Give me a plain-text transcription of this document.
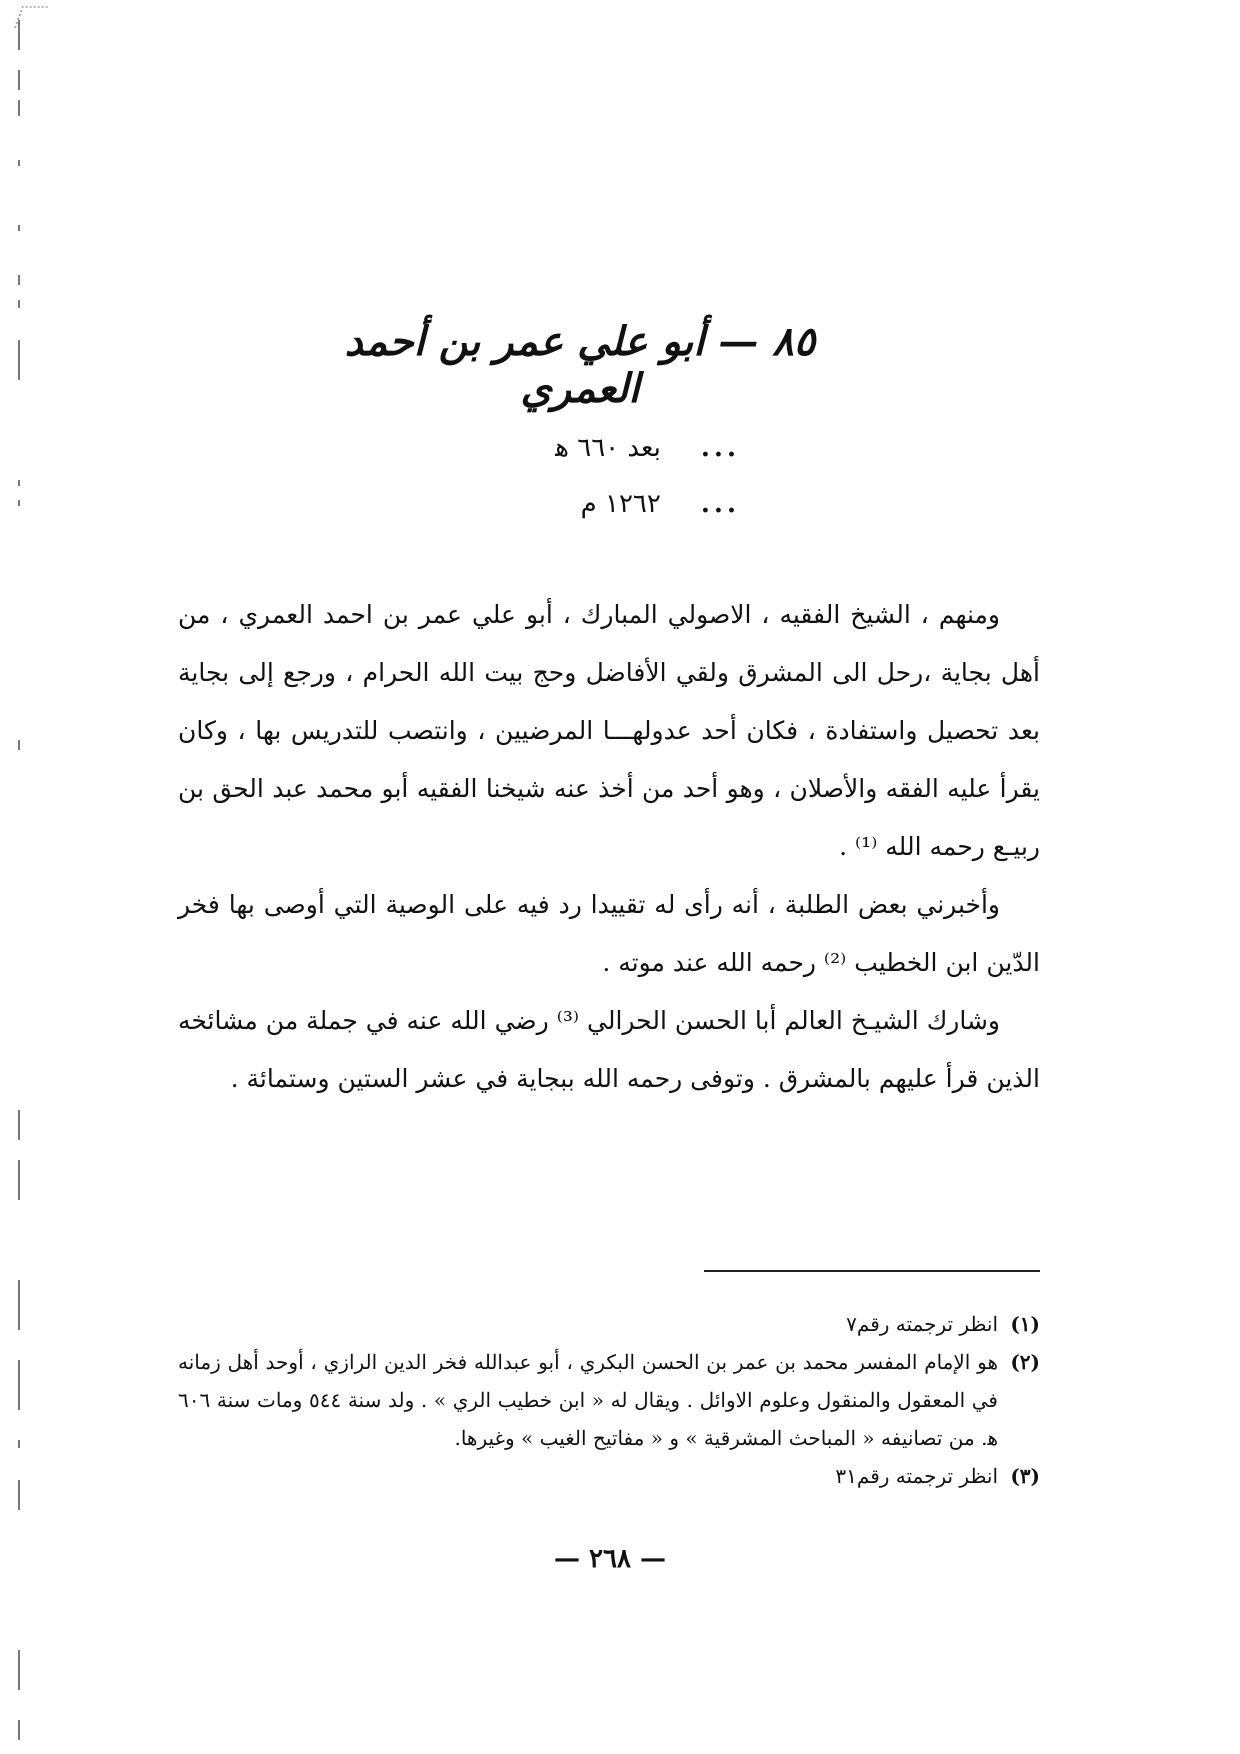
٨٥ — أبو علي عمر بن أحمد العمري
...
بعد ٦٦٠ ﻫ
...
١٢٦٢ م

ومنهم ، الشيخ الفقيه ، الاصولي المبارك ، أبو علي عمر بن احمد العمري ، من أهل بجاية ،رحل الى المشرق ولقي الأفاضل وحج بيت الله الحرام ، ورجع إلى بجاية بعد تحصيل واستفادة ، فكان أحد عدولهـــا المرضيين ، وانتصب للتدريس بها ، وكان يقرأ عليه الفقه والأصلان ، وهو أحد من أخذ عنه شيخنا الفقيه أبو محمد عبد الحق بن ربيـع رحمه الله ⁽¹⁾ .

وأخبرني بعض الطلبة ، أنه رأى له تقييدا رد فيه على الوصية التي أوصى بها فخر الدّين ابن الخطيب ⁽²⁾ رحمه الله عند موته .

وشارك الشيـخ العالم أبا الحسن الحرالي ⁽³⁾ رضي الله عنه في جملة من مشائخه الذين قرأ عليهم بالمشرق . وتوفى رحمه الله ببجاية في عشر الستين وستمائة .

(١)
انظر ترجمته رقم٧
(٢)
هو الإمام المفسر محمد بن عمر بن الحسن البكري ، أبو عبدالله فخر الدين الرازي ، أوحد أهل زمانه في المعقول والمنقول وعلوم الاوائل . ويقال له « ابن خطيب الري » . ولد سنة ٥٤٤ ومات سنة ٦٠٦ ﻫ. من تصانيفه « المباحث المشرقية » و « مفاتيح الغيب » وغيرها.
(٣)
انظر ترجمته رقم٣١
— ٢٦٨ —
